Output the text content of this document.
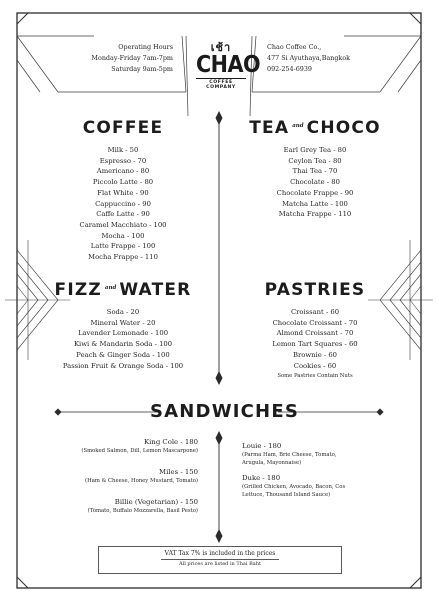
Operating Hours
Monday-Friday 7am-7pm
Saturday 9am-5pm
เช้า
CHAO
COFFEE COMPANY
Chao Coffee Co.,
477 Si Ayuthaya,Bangkok
092-254-6939
COFFEE
Milk - 50
Espresso - 70
Americano - 80
Piccolo Latte - 80
Flat White - 90
Cappuccino - 90
Caffe Latte - 90
Caramel Macchiato - 100
Mocha - 100
Latte Frappe - 100
Mocha Frappe - 110
TEA and CHOCO
Earl Grey Tea - 80
Ceylon Tea - 80
Thai Tea - 70
Chocolate - 80
Chocolate Frappe - 90
Matcha Latte - 100
Matcha Frappe - 110
FIZZ and WATER
Soda - 20
Mineral Water - 20
Lavender Lemonade - 100
Kiwi & Mandarin Soda - 100
Peach & Ginger Soda - 100
Passion Fruit & Orange Soda - 100
PASTRIES
Croissant - 60
Chocolate Croissant - 70
Almond Croissant - 70
Lemon Tart Squares - 60
Brownie - 60
Cookies - 60
Some Pastries Contain Nuts
SANDWICHES
King Cole - 180
(Smoked Salmon, Dill, Lemon Mascarpone)
Miles - 150
(Ham & Cheese, Honey Mustard, Tomato)
Billie (Vegetarian) - 150
(Tomato, Buffalo Mozzarella, Basil Pesto)
Louie - 180
(Parma Ham, Brie Cheese, Tomato,
Arugula, Mayonnaise)
Duke - 180
(Grilled Chicken, Avocado, Bacon, Cos
Lettuce, Thousand Island Sauce)
VAT Tax 7% is included in the prices
All prices are listed in Thai Baht
